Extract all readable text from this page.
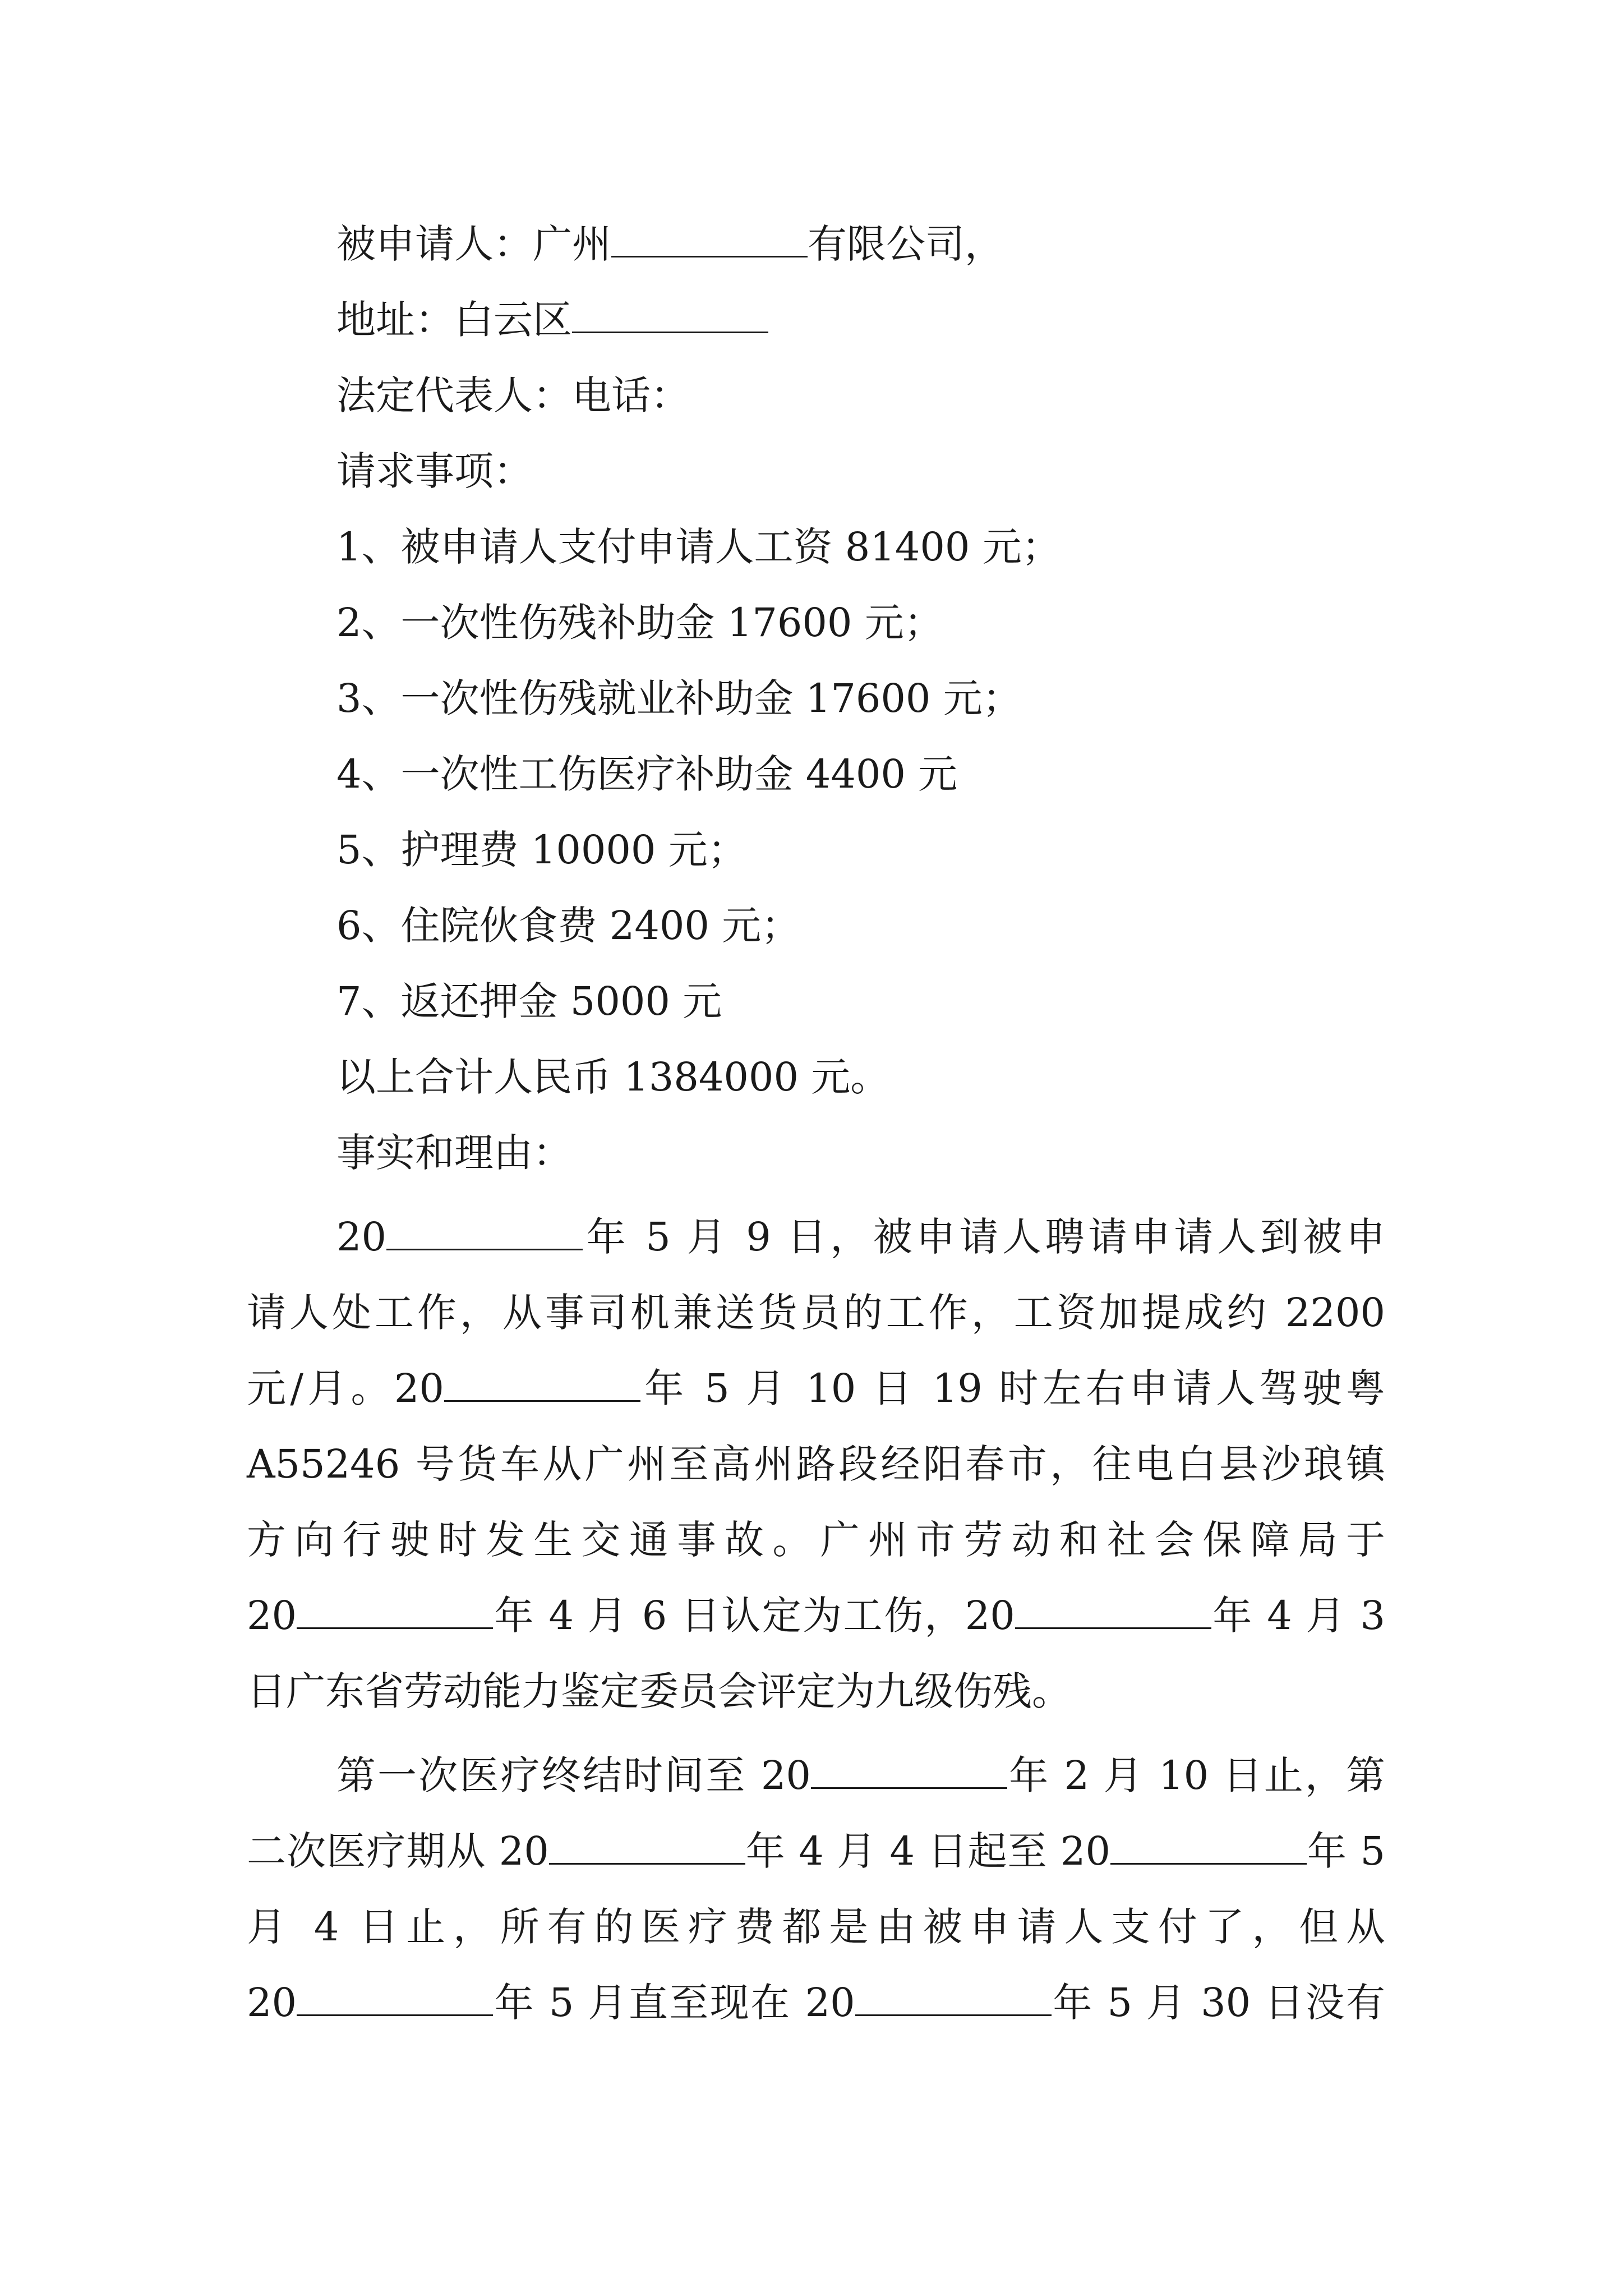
被申请人：广州	有限公司，
地址：白云区
法定代表人：电话：
请求事项：
1、被申请人支付申请人工资 81400 元；
2、一次性伤残补助金 17600 元；
3、一次性伤残就业补助金 17600 元；
4、一次性工伤医疗补助金 4400 元
5、护理费 10000 元；
6、住院伙食费 2400 元；
7、返还押金 5000 元
以上合计人民币 1384000 元。
事实和理由：
20	年 5 月 9 日，被申请人聘请申请人到被申
请人处工作，从事司机兼送货员的工作，工资加提成约 2200
元/月。20	年 5 月 10 日 19 时左右申请人驾驶粤
A55246 号货车从广州至高州路段经阳春市，往电白县沙琅镇
方向行驶时发生交通事故。广州市劳动和社会保障局于
20	年 4 月 6 日认定为工伤，20	年 4 月 3
日广东省劳动能力鉴定委员会评定为九级伤残。
第一次医疗终结时间至 20	年 2 月 10 日止，第
二次医疗期从 20	年 4 月 4 日起至 20	年 5
月 4 日止，所有的医疗费都是由被申请人支付了，但从
20	年 5 月直至现在 20	年 5 月 30 日没有
